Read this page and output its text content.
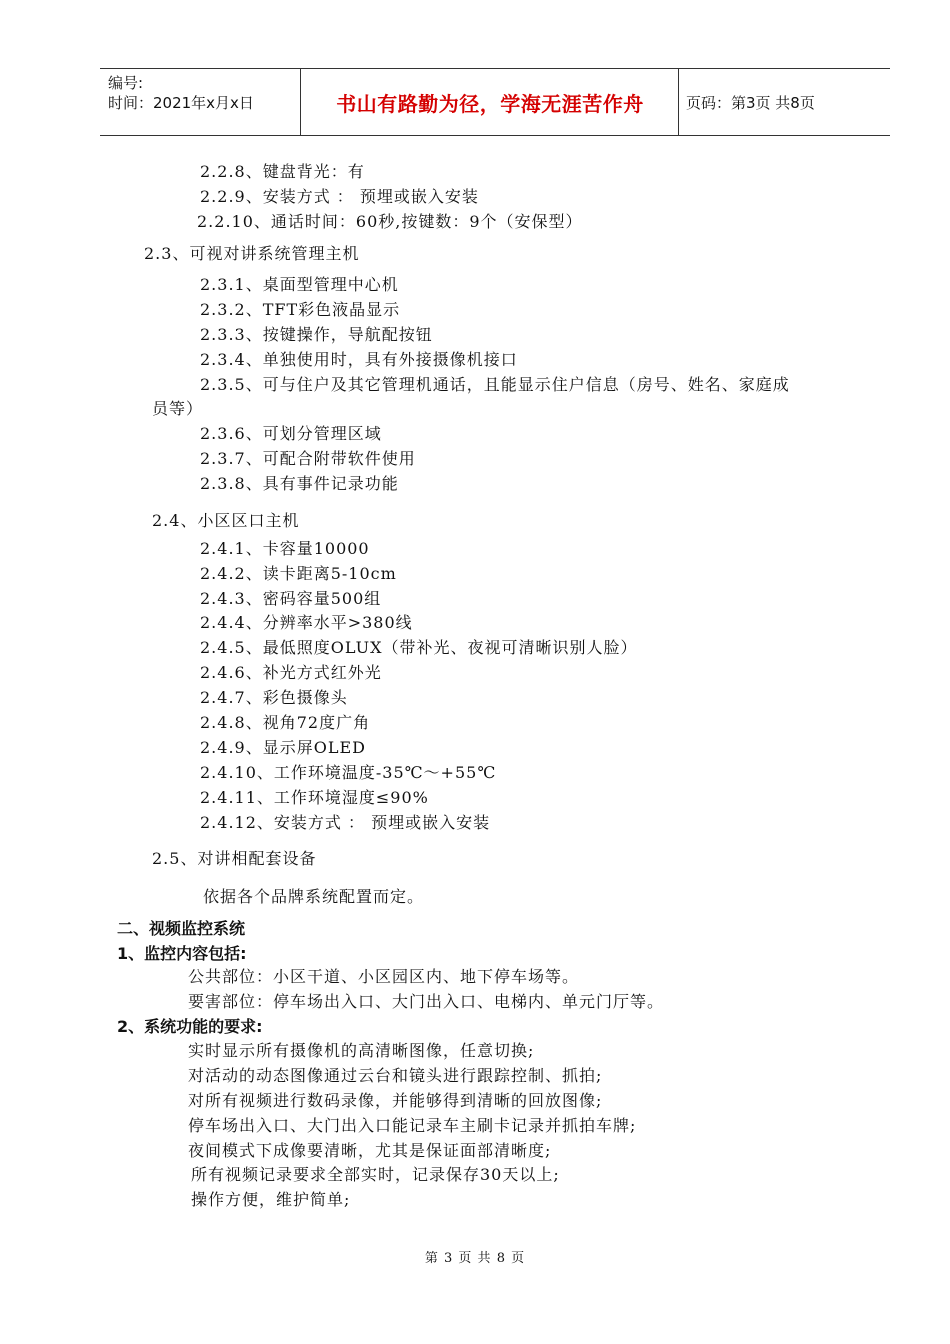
编号:
时间：2021年x月x日	书山有路勤为径，学海无涯苦作舟	页码：第3页 共8页
2.2.8、键盘背光：有
2.2.9、安装方式 ： 预埋或嵌入安装
2.2.10、通话时间：60秒,按键数：9个（安保型）
2.3、可视对讲系统管理主机
2.3.1、桌面型管理中心机
2.3.2、TFT彩色液晶显示
2.3.3、按键操作，导航配按钮
2.3.4、单独使用时，具有外接摄像机接口
2.3.5、可与住户及其它管理机通话，且能显示住户信息（房号、姓名、家庭成
员等）
2.3.6、可划分管理区域
2.3.7、可配合附带软件使用
2.3.8、具有事件记录功能
2.4、小区区口主机
2.4.1、卡容量10000
2.4.2、读卡距离5-10cm
2.4.3、密码容量500组
2.4.4、分辨率水平>380线
2.4.5、最低照度OLUX（带补光、夜视可清晰识别人脸）
2.4.6、补光方式红外光
2.4.7、彩色摄像头
2.4.8、视角72度广角
2.4.9、显示屏OLED
2.4.10、工作环境温度-35℃～+55℃
2.4.11、工作环境湿度≤90%
2.4.12、安装方式 ： 预埋或嵌入安装
2.5、对讲相配套设备
依据各个品牌系统配置而定。
二、视频监控系统
1、监控内容包括:
公共部位：小区干道、小区园区内、地下停车场等。
要害部位：停车场出入口、大门出入口、电梯内、单元门厅等。
2、系统功能的要求:
实时显示所有摄像机的高清晰图像，任意切换;
对活动的动态图像通过云台和镜头进行跟踪控制、抓拍;
对所有视频进行数码录像，并能够得到清晰的回放图像;
停车场出入口、大门出入口能记录车主刷卡记录并抓拍车牌;
夜间模式下成像要清晰，尤其是保证面部清晰度;
所有视频记录要求全部实时，记录保存30天以上;
操作方便，维护简单;
第 3 页 共 8 页
